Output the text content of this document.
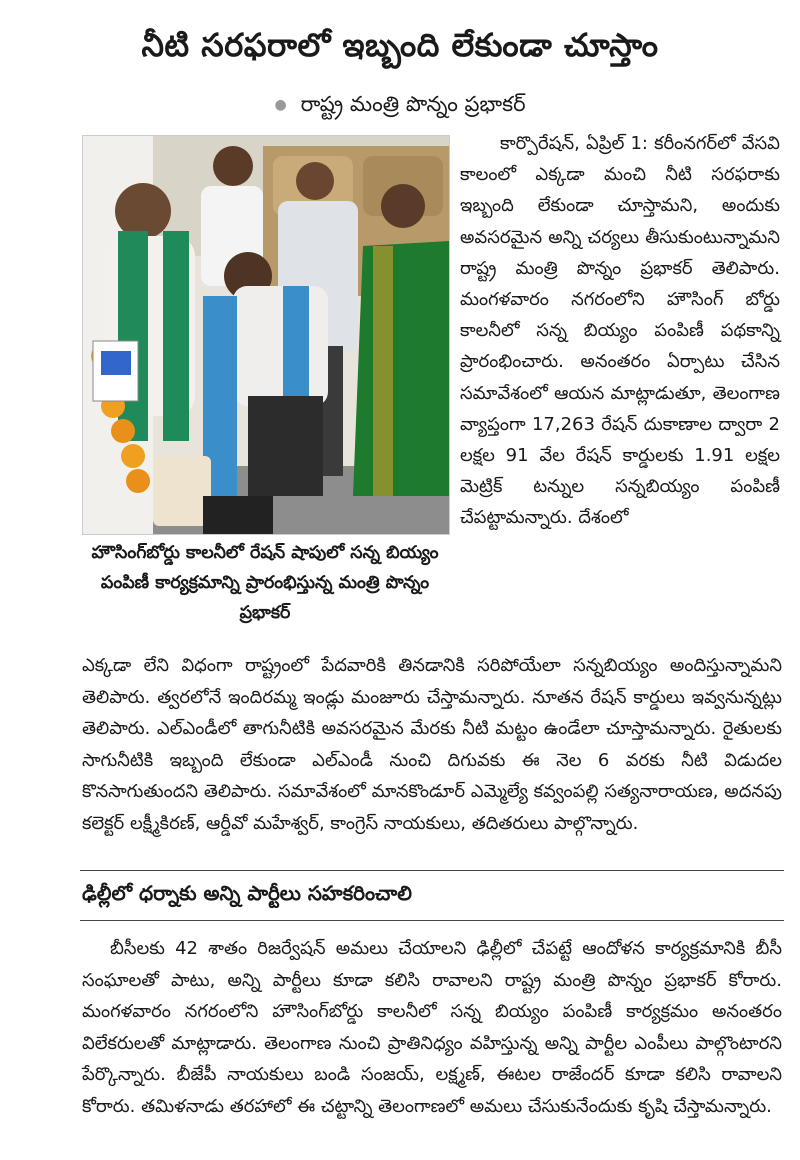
నీటి సరఫరాలో ఇబ్బంది లేకుండా చూస్తాం
● రాష్ట్ర మంత్రి పొన్నం ప్రభాకర్
హౌసింగ్‌బోర్డు కాలనీలో రేషన్ షాపులో సన్న బియ్యం పంపిణీ కార్యక్రమాన్ని ప్రారంభిస్తున్న మంత్రి పొన్నం ప్రభాకర్
కార్పొరేషన్, ఏప్రిల్ 1: కరీంనగర్‌లో వేసవి కాలంలో ఎక్కడా మంచి నీటి సరఫరాకు ఇబ్బంది లేకుండా చూస్తామని, అందుకు అవసరమైన అన్ని చర్యలు తీసుకుంటున్నామని రాష్ట్ర మంత్రి పొన్నం ప్రభాకర్ తెలిపారు. మంగళవారం నగరంలోని హౌసింగ్ బోర్డు కాలనీలో సన్న బియ్యం పంపిణీ పథకాన్ని ప్రారంభించారు. అనంతరం ఏర్పాటు చేసిన సమావేశంలో ఆయన మాట్లాడుతూ, తెలంగాణ వ్యాప్తంగా 17,263 రేషన్ దుకాణాల ద్వారా 2 లక్షల 91 వేల రేషన్ కార్డులకు 1.91 లక్షల మెట్రిక్ టన్నుల సన్నబియ్యం పంపిణీ చేపట్టామన్నారు. దేశంలో
ఎక్కడా లేని విధంగా రాష్ట్రంలో పేదవారికి తినడానికి సరిపోయేలా సన్నబియ్యం అందిస్తున్నామని తెలిపారు. త్వరలోనే ఇందిరమ్మ ఇండ్లు మంజూరు చేస్తామన్నారు. నూతన రేషన్ కార్డులు ఇవ్వనున్నట్లు తెలిపారు. ఎల్ఎండీలో తాగునీటికి అవసరమైన మేరకు నీటి మట్టం ఉండేలా చూస్తామన్నారు. రైతులకు సాగునీటికి ఇబ్బంది లేకుండా ఎల్ఎండీ నుంచి దిగువకు ఈ నెల 6 వరకు నీటి విడుదల కొనసాగుతుందని తెలిపారు. సమావేశంలో మానకొండూర్ ఎమ్మెల్యే కవ్వంపల్లి సత్యనారాయణ, అదనపు కలెక్టర్ లక్ష్మీకిరణ్, ఆర్డీవో మహేశ్వర్, కాంగ్రెస్ నాయకులు, తదితరులు పాల్గొన్నారు.
ఢిల్లీలో ధర్నాకు అన్ని పార్టీలు సహకరించాలి
బీసీలకు 42 శాతం రిజర్వేషన్ అమలు చేయాలని ఢిల్లీలో చేపట్టే ఆందోళన కార్యక్రమానికి బీసీ సంఘాలతో పాటు, అన్ని పార్టీలు కూడా కలిసి రావాలని రాష్ట్ర మంత్రి పొన్నం ప్రభాకర్ కోరారు. మంగళవారం నగరంలోని హౌసింగ్‌బోర్డు కాలనీలో సన్న బియ్యం పంపిణీ కార్యక్రమం అనంతరం విలేకరులతో మాట్లాడారు. తెలంగాణ నుంచి ప్రాతినిధ్యం వహిస్తున్న అన్ని పార్టీల ఎంపీలు పాల్గొంటారని పేర్కొన్నారు. బీజేపీ నాయకులు బండి సంజయ్, లక్ష్మణ్, ఈటల రాజేందర్ కూడా కలిసి రావాలని కోరారు. తమిళనాడు తరహాలో ఈ చట్టాన్ని తెలంగాణలో అమలు చేసుకునేందుకు కృషి చేస్తామన్నారు.
